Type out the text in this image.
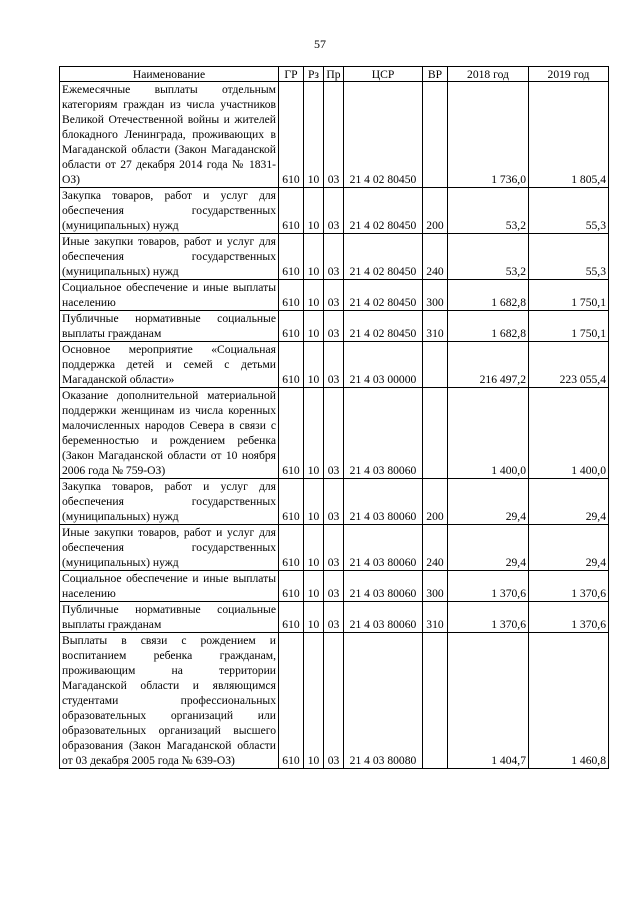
57
Наименование	ГР	Рз	Пр	ЦСР	ВР	2018 год	2019 год
Ежемесячные выплаты отдельным категориям граждан из числа участников Великой Отечественной войны и жителей блокадного Ленинграда, проживающих в Магаданской области (Закон Магаданской области от 27 декабря 2014 года № 1831-ОЗ)	610	10	03	21 4 02 80450		1 736,0	1 805,4
Закупка товаров, работ и услуг для обеспечения государственных (муниципальных) нужд	610	10	03	21 4 02 80450	200	53,2	55,3
Иные закупки товаров, работ и услуг для обеспечения государственных (муниципальных) нужд	610	10	03	21 4 02 80450	240	53,2	55,3
Социальное обеспечение и иные выплаты населению	610	10	03	21 4 02 80450	300	1 682,8	1 750,1
Публичные нормативные социальные выплаты гражданам	610	10	03	21 4 02 80450	310	1 682,8	1 750,1
Основное мероприятие «Социальная поддержка детей и семей с детьми Магаданской области»	610	10	03	21 4 03 00000		216 497,2	223 055,4
Оказание дополнительной материальной поддержки женщинам из числа коренных малочисленных народов Севера в связи с беременностью и рождением ребенка (Закон Магаданской области от 10 ноября 2006 года № 759-ОЗ)	610	10	03	21 4 03 80060		1 400,0	1 400,0
Закупка товаров, работ и услуг для обеспечения государственных (муниципальных) нужд	610	10	03	21 4 03 80060	200	29,4	29,4
Иные закупки товаров, работ и услуг для обеспечения государственных (муниципальных) нужд	610	10	03	21 4 03 80060	240	29,4	29,4
Социальное обеспечение и иные выплаты населению	610	10	03	21 4 03 80060	300	1 370,6	1 370,6
Публичные нормативные социальные выплаты гражданам	610	10	03	21 4 03 80060	310	1 370,6	1 370,6
Выплаты в связи с рождением и воспитанием ребенка гражданам, проживающим на территории Магаданской области и являющимся студентами профессиональных образовательных организаций или образовательных организаций высшего образования (Закон Магаданской области от 03 декабря 2005 года № 639-ОЗ)	610	10	03	21 4 03 80080		1 404,7	1 460,8
